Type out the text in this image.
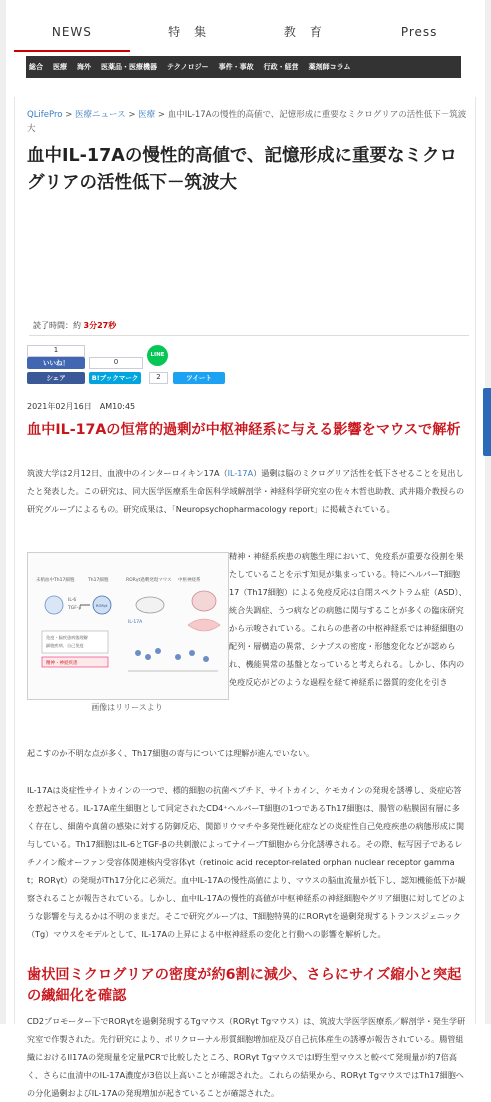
NEWS	特　集	教　育	Press
総合 医療 海外 医薬品・医療機器 テクノロジー 事件・事故 行政・経営 薬剤師コラム
QLifePro > 医療ニュース > 医療 > 血中IL-17Aの慢性的高値で、記憶形成に重要なミクログリアの活性低下－筑波大
血中IL-17Aの慢性的高値で、記憶形成に重要なミクログリアの活性低下－筑波大
読了時間：約 3分27秒
1
いいね！	0
シェア	B!ブックマーク
LINE
2	ツイート
2021年02月16日　AM10:45
血中IL-17Aの恒常的過剰が中枢神経系に与える影響をマウスで解析

筑波大学は2月12日、血液中のインターロイキン17A（IL-17A）過剰は脳のミクログリア活性を低下させることを見出したと発表した。この研究は、同大医学医療系生命医科学域解剖学・神経科学研究室の佐々木哲也助教、武井陽介教授らの研究グループによるもの。研究成果は、「Neuropsychopharmacology report」に掲載されている。

末梢血中Th17細胞	Th17細胞	RORγt過剰発現マウス 中枢神経系
IL-6
TGF-β	RORγt
IL-17A
免疫・脳疾患病態理解
細胞疾病、自己免疫
精神・神経疾患
画像はリリースより

精神・神経系疾患の病態生理において、免疫系が重要な役割を果たしていることを示す知見が集まっている。特にヘルパーT細胞17（Th17細胞）による免疫反応は自閉スペクトラム症（ASD）、統合失調症、うつ病などの病態に関与することが多くの臨床研究から示唆されている。これらの患者の中枢神経系では神経細胞の配列・層構造の異常、シナプスの密度・形態変化などが認められ、機能異常の基盤となっていると考えられる。しかし、体内の免疫反応がどのような過程を経て神経系に器質的変化を引き

起こすのか不明な点が多く、Th17細胞の寄与については理解が進んでいない。

IL-17Aは炎症性サイトカインの一つで、標的細胞の抗菌ペプチド、サイトカイン、ケモカインの発現を誘導し、炎症応答を惹起させる。IL-17A産生細胞として同定されたCD4⁺ヘルパーT細胞の1つであるTh17細胞は、腸管の粘膜固有層に多く存在し、細菌や真菌の感染に対する防御反応、関節リウマチや多発性硬化症などの炎症性自己免疫疾患の病態形成に関与している。Th17細胞はIL-6とTGF-βの共刺激によってナイーブT細胞から分化誘導される。その際、転写因子であるレチノイン酸オーファン受容体関連核内受容体γt（retinoic acid receptor-related orphan nuclear receptor gamma t；RORγt）の発現がTh17分化に必須だ。血中IL-17Aの慢性高値により、マウスの脳血流量が低下し、認知機能低下が観察されることが報告されている。しかし、血中IL-17Aの慢性的高値が中枢神経系の神経細胞やグリア細胞に対してどのような影響を与えるかは不明のままだ。そこで研究グループは、T細胞特異的にRORγtを過剰発現するトランスジェニック（Tg）マウスをモデルとして、IL-17Aの上昇による中枢神経系の変化と行動への影響を解析した。

歯状回ミクログリアの密度が約6割に減少、さらにサイズ縮小と突起の繊細化を確認

CD2プロモーター下でRORγtを過剰発現するTgマウス（RORγt Tgマウス）は、筑波大学医学医療系／解剖学・発生学研究室で作製された。先行研究により、ポリクローナル形質細胞増加症及び自己抗体産生の誘導が報告されている。腸管組織におけるIl17Aの発現量を定量PCRで比較したところ、RORγt TgマウスではI野生型マウスと較べて発現量が約7倍高く、さらに血清中のIL-17A濃度が3倍以上高いことが確認された。これらの結果から、RORγt TgマウスではTh17細胞への分化過剰およびIL-17Aの発現増加が起きていることが確認された。
